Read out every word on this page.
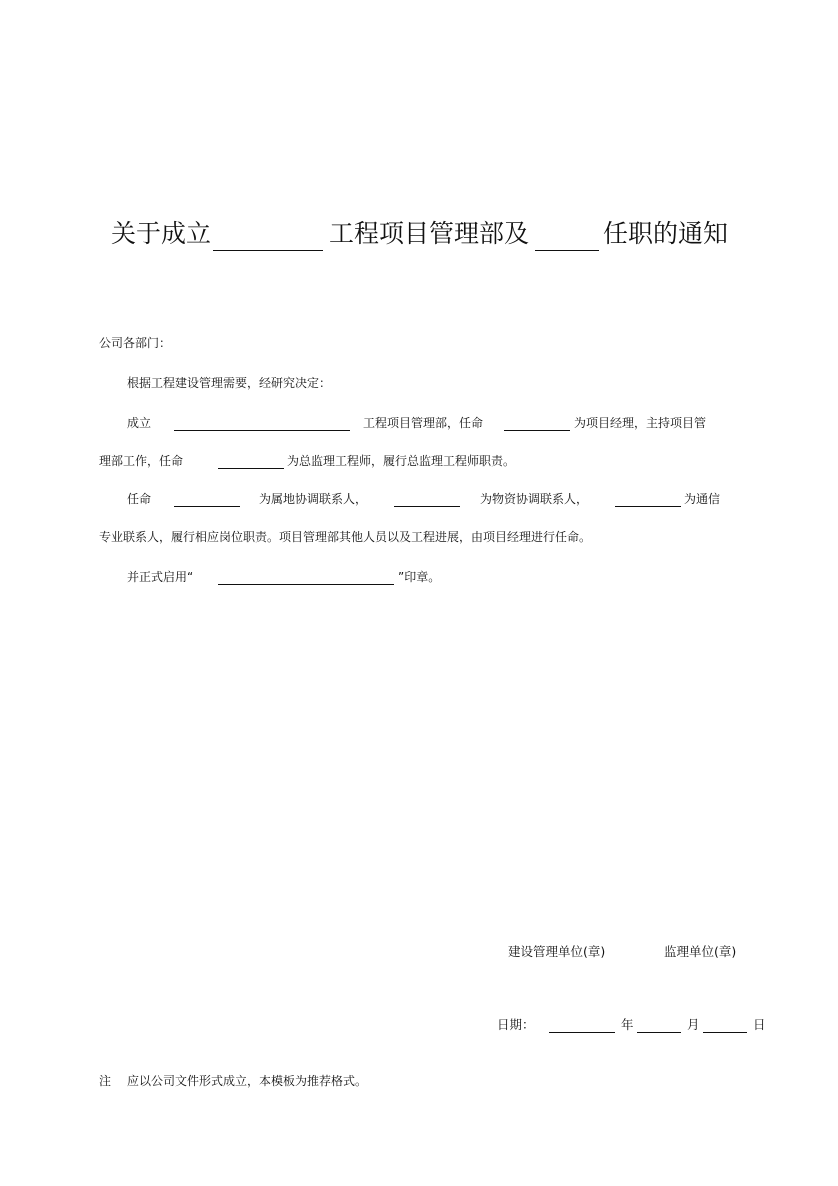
关于成立	工程项目管理部及	任职的通知
公司各部门：
根据工程建设管理需要，经研究决定：
成立	工程项目管理部，任命	为项目经理，主持项目管
理部工作，任命	为总监理工程师，履行总监理工程师职责。
任命	为属地协调联系人，	为物资协调联系人，	为通信
专业联系人，履行相应岗位职责。项目管理部其他人员以及工程进展，由项目经理进行任命。
并正式启用“	”印章。
建设管理单位(章)	监理单位(章)
日期：	年	月	日
注 应以公司文件形式成立，本模板为推荐格式。
